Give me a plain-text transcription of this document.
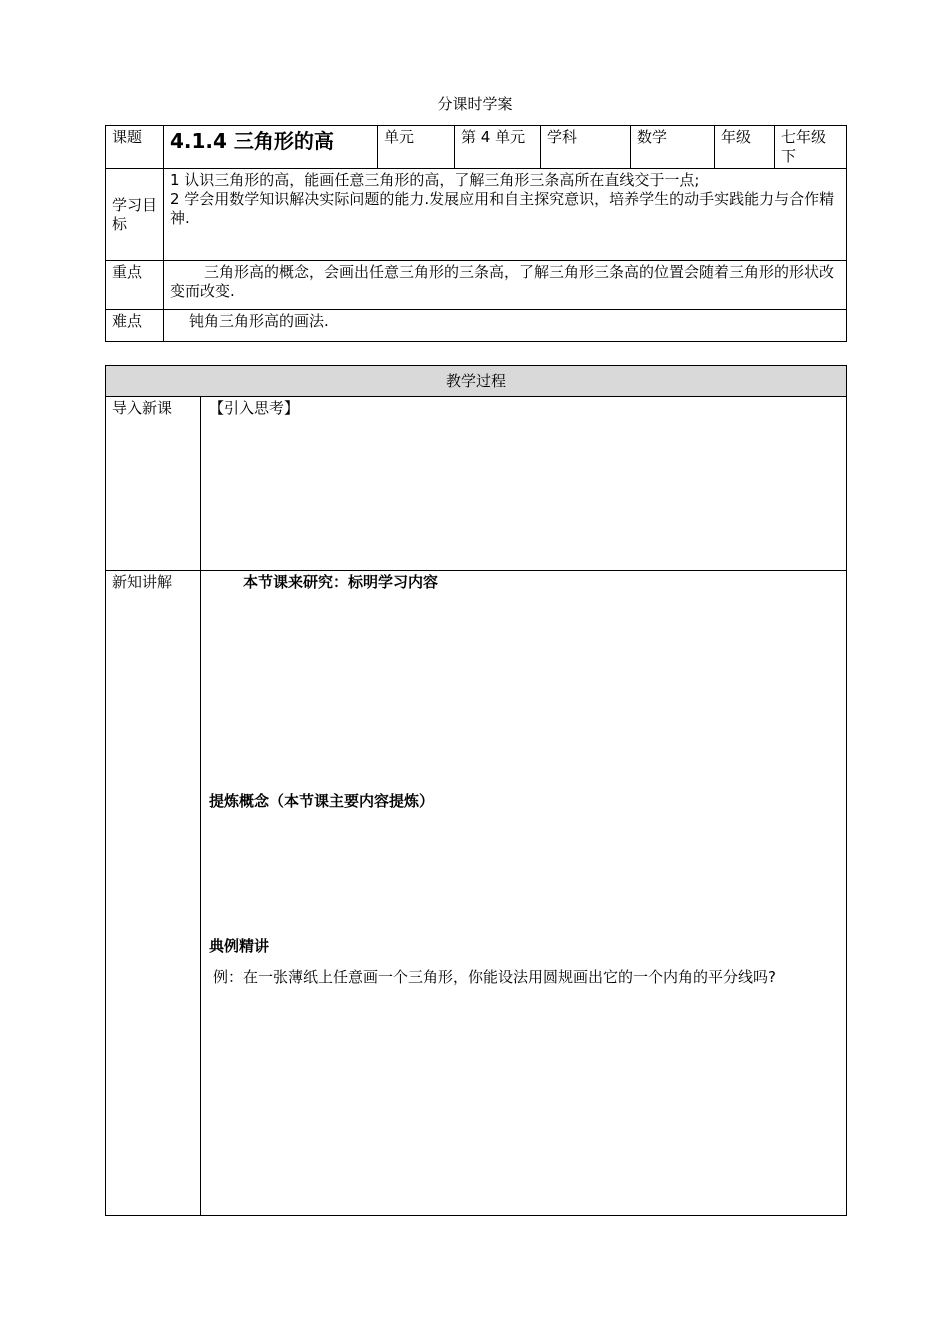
分课时学案
课题	4.1.4 三角形的高	单元	第 4 单元	学科	数学	年级	七年级下
学习目标	1 认识三角形的高，能画任意三角形的高，了解三角形三条高所在直线交于一点;
2 学会用数学知识解决实际问题的能力.发展应用和自主探究意识，培养学生的动手实践能力与合作精神.						

重点	三角形高的概念，会画出任意三角形的三条高，了解三角形三条高的位置会随着三角形的形状改变而改变.						
难点	钝角三角形高的画法.						
教学过程	
导入新课	【引入思考】
新知讲解	本节课来研究：标明学习内容
提炼概念（本节课主要内容提炼）
典例精讲
例：在一张薄纸上任意画一个三角形，你能设法用圆规画出它的一个内角的平分线吗?
